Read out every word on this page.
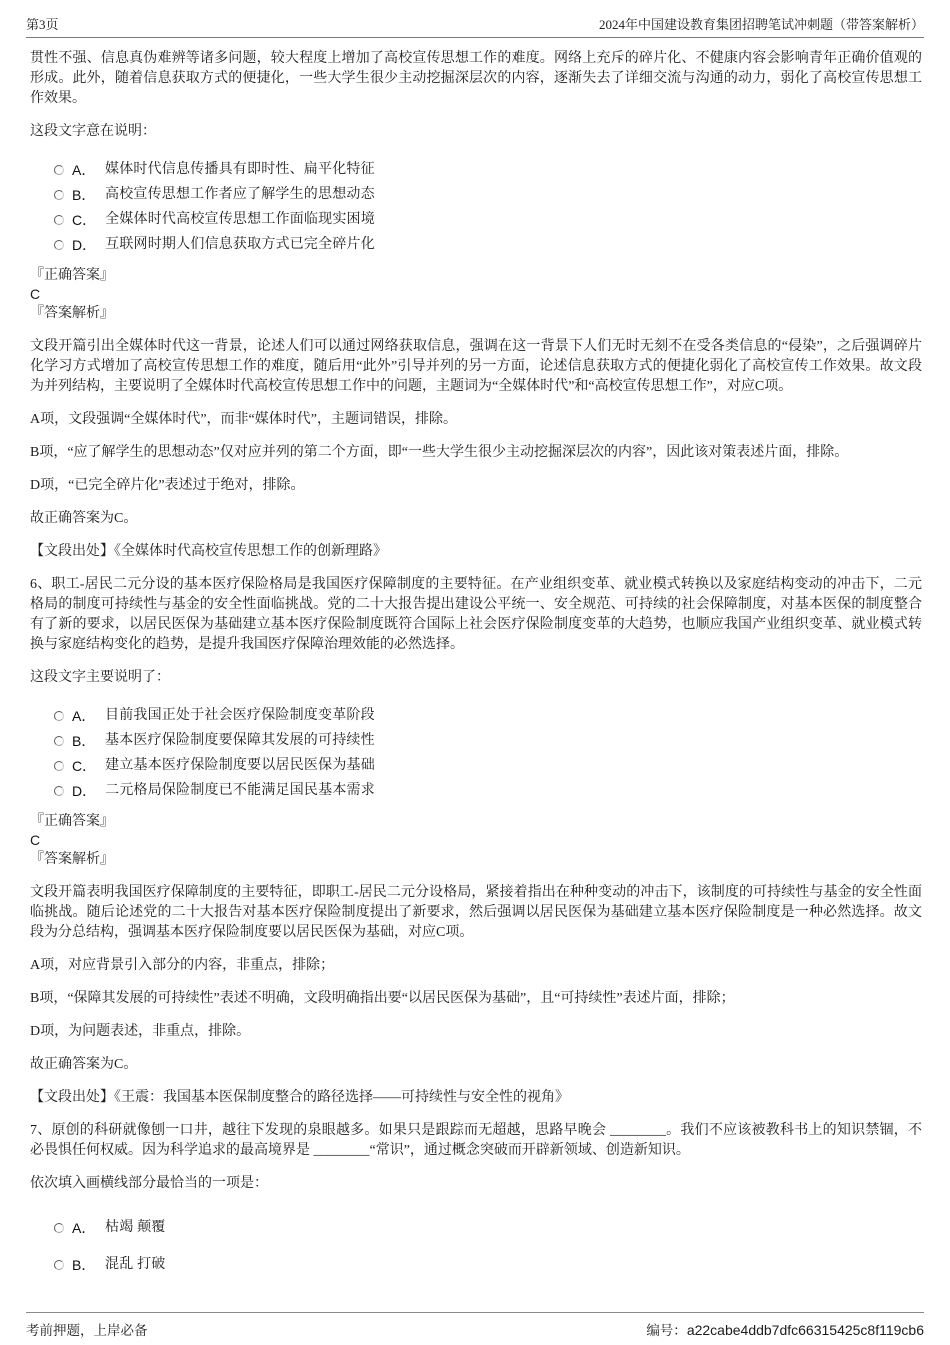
第3页	2024年中国建设教育集团招聘笔试冲刺题（带答案解析）

贯性不强、信息真伪难辨等诸多问题，较大程度上增加了高校宣传思想工作的难度。网络上充斥的碎片化、不健康内容会影响青年正确价值观的形成。此外，随着信息获取方式的便捷化，一些大学生很少主动挖掘深层次的内容，逐渐失去了详细交流与沟通的动力，弱化了高校宣传思想工作效果。

这段文字意在说明：

A． 媒体时代信息传播具有即时性、扁平化特征
B． 高校宣传思想工作者应了解学生的思想动态
C． 全媒体时代高校宣传思想工作面临现实困境
D． 互联网时期人们信息获取方式已完全碎片化

『正确答案』

C

『答案解析』

文段开篇引出全媒体时代这一背景，论述人们可以通过网络获取信息，强调在这一背景下人们无时无刻不在受各类信息的“侵染”，之后强调碎片化学习方式增加了高校宣传思想工作的难度，随后用“此外”引导并列的另一方面，论述信息获取方式的便捷化弱化了高校宣传工作效果。故文段为并列结构，主要说明了全媒体时代高校宣传思想工作中的问题，主题词为“全媒体时代”和“高校宣传思想工作”，对应C项。

A项，文段强调“全媒体时代”，而非“媒体时代”，主题词错误，排除。

B项，“应了解学生的思想动态”仅对应并列的第二个方面，即“一些大学生很少主动挖掘深层次的内容”，因此该对策表述片面，排除。

D项，“已完全碎片化”表述过于绝对，排除。

故正确答案为C。

【文段出处】《全媒体时代高校宣传思想工作的创新理路》

6、职工-居民二元分设的基本医疗保险格局是我国医疗保障制度的主要特征。在产业组织变革、就业模式转换以及家庭结构变动的冲击下，二元格局的制度可持续性与基金的安全性面临挑战。党的二十大报告提出建设公平统一、安全规范、可持续的社会保障制度，对基本医保的制度整合有了新的要求，以居民医保为基础建立基本医疗保险制度既符合国际上社会医疗保险制度变革的大趋势，也顺应我国产业组织变革、就业模式转换与家庭结构变化的趋势，是提升我国医疗保障治理效能的必然选择。

这段文字主要说明了：

A． 目前我国正处于社会医疗保险制度变革阶段
B． 基本医疗保险制度要保障其发展的可持续性
C． 建立基本医疗保险制度要以居民医保为基础
D． 二元格局保险制度已不能满足国民基本需求

『正确答案』

C

『答案解析』

文段开篇表明我国医疗保障制度的主要特征，即职工-居民二元分设格局，紧接着指出在种种变动的冲击下，该制度的可持续性与基金的安全性面临挑战。随后论述党的二十大报告对基本医疗保险制度提出了新要求，然后强调以居民医保为基础建立基本医疗保险制度是一种必然选择。故文段为分总结构，强调基本医疗保险制度要以居民医保为基础，对应C项。

A项，对应背景引入部分的内容，非重点，排除；

B项，“保障其发展的可持续性”表述不明确，文段明确指出要“以居民医保为基础”，且“可持续性”表述片面，排除；

D项，为问题表述，非重点，排除。

故正确答案为C。

【文段出处】《王震：我国基本医保制度整合的路径选择——可持续性与安全性的视角》

7、原创的科研就像刨一口井，越往下发现的泉眼越多。如果只是跟踪而无超越，思路早晚会 ________。我们不应该被教科书上的知识禁锢，不必畏惧任何权威。因为科学追求的最高境界是 ________“常识”，通过概念突破而开辟新领域、创造新知识。

依次填入画横线部分最恰当的一项是：

A． 枯竭 颠覆
B． 混乱 打破
考前押题，上岸必备	编号：a22cabe4ddb7dfc66315425c8f119cb6
